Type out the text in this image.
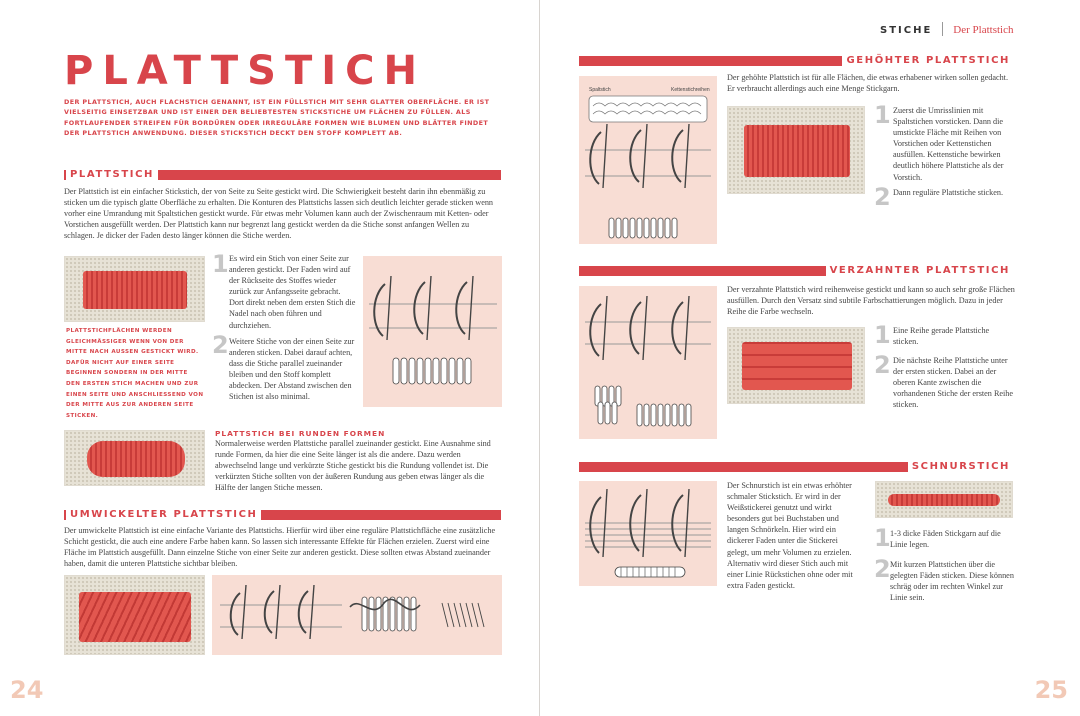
PLATTSTICH

DER PLATTSTICH, AUCH FLACHSTICH GENANNT, IST EIN FÜLLSTICH MIT SEHR GLATTER OBERFLÄCHE. ER IST VIELSEITIG EINSETZBAR UND IST EINER DER BELIEBTESTEN STICKSTICHE UM FLÄCHEN ZU FÜLLEN. ALS FORTLAUFENDER STREIFEN FÜR BORDÜREN ODER IRREGULÄRE FORMEN WIE BLUMEN UND BLÄTTER FINDET DER PLATTSTICH ANWENDUNG. DIESER STICKSTICH DECKT DEN STOFF KOMPLETT AB.

PLATTSTICH

Der Plattstich ist ein einfacher Stickstich, der von Seite zu Seite gestickt wird. Die Schwierigkeit besteht darin ihn ebenmäßig zu sticken um die typisch glatte Oberfläche zu erhalten. Die Konturen des Plattstichs lassen sich deutlich leichter gerade sticken wenn vorher eine Umrandung mit Spaltstichen gestickt wurde. Für etwas mehr Volumen kann auch der Zwischenraum mit Ketten- oder Vorstichen ausgefüllt werden. Der Plattstich kann nur begrenzt lang gestickt werden da die Stiche sonst anfangen Wellen zu schlagen. Je dicker der Faden desto länger können die Stiche werden.

PLATTSTICHFLÄCHEN WERDEN GLEICHMÄSSIGER WENN VON DER MITTE NACH AUSSEN GESTICKT WIRD. DAFÜR NICHT AUF EINER SEITE BEGINNEN SONDERN IN DER MITTE DEN ERSTEN STICH MACHEN UND ZUR EINEN SEITE UND ANSCHLIESSEND VON DER MITTE AUS ZUR ANDEREN SEITE STICKEN.

1 Es wird ein Stich von einer Seite zur anderen gestickt. Der Faden wird auf der Rückseite des Stoffes wieder zurück zur Anfangsseite gebracht. Dort direkt neben dem ersten Stich die Nadel nach oben führen und durchziehen.

2 Weitere Stiche von der einen Seite zur anderen sticken. Dabei darauf achten, dass die Stiche parallel zueinander bleiben und den Stoff komplett abdecken. Der Abstand zwischen den Stichen ist also minimal.

PLATTSTICH BEI RUNDEN FORMEN

Normalerweise werden Plattstiche parallel zueinander gestickt. Eine Ausnahme sind runde Formen, da hier die eine Seite länger ist als die andere. Dazu werden abwechselnd lange und verkürzte Stiche gestickt bis die Rundung vollendet ist. Die verkürzten Stiche sollten von der äußeren Rundung aus geben etwas länger als die Hälfte der langen Stiche messen.

UMWICKELTER PLATTSTICH

Der umwickelte Plattstich ist eine einfache Variante des Plattstichs. Hierfür wird über eine reguläre Plattstichfläche eine zusätzliche Schicht gestickt, die auch eine andere Farbe haben kann. So lassen sich interessante Effekte für Flächen erzielen. Zuerst wird eine Fläche im Plattstich ausgefüllt. Dann einzelne Stiche von einer Seite zur anderen gestickt. Diese sollten etwas Abstand zueinander haben, damit die unteren Plattstiche sichtbar bleiben.

24
STICHE Der Plattstich
GEHÖHTER PLATTSTICH
Spaltstich	Kettenstichreihen

Der gehöhte Plattstich ist für alle Flächen, die etwas erhabener wirken sollen gedacht. Er verbraucht allerdings auch eine Menge Stickgarn.

1 Zuerst die Umrisslinien mit Spaltstichen vorsticken. Dann die umstickte Fläche mit Reihen von Vorstichen oder Kettenstichen ausfüllen. Kettenstiche bewirken deutlich höhere Plattstiche als der Vorstich.

2 Dann reguläre Plattstiche sticken.

VERZAHNTER PLATTSTICH

Der verzahnte Plattstich wird reihenweise gestickt und kann so auch sehr große Flächen ausfüllen. Durch den Versatz sind subtile Farbschattierungen möglich. Dazu in jeder Reihe die Farbe wechseln.

1 Eine Reihe gerade Plattstiche sticken.

2 Die nächste Reihe Plattstiche unter der ersten sticken. Dabei an der oberen Kante zwischen die vorhandenen Stiche der ersten Reihe sticken.

SCHNURSTICH

Der Schnurstich ist ein etwas erhöhter schmaler Stickstich. Er wird in der Weißstickerei genutzt und wirkt besonders gut bei Buchstaben und langen Schnörkeln. Hier wird ein dickerer Faden unter die Stickerei gelegt, um mehr Volumen zu erzielen. Alternativ wird dieser Stich auch mit einer Linie Rückstichen ohne oder mit extra Faden gestickt.

1 1-3 dicke Fäden Stickgarn auf die Linie legen.

2 Mit kurzen Plattstichen über die gelegten Fäden sticken. Diese können schräg oder im rechten Winkel zur Linie sein.

25
